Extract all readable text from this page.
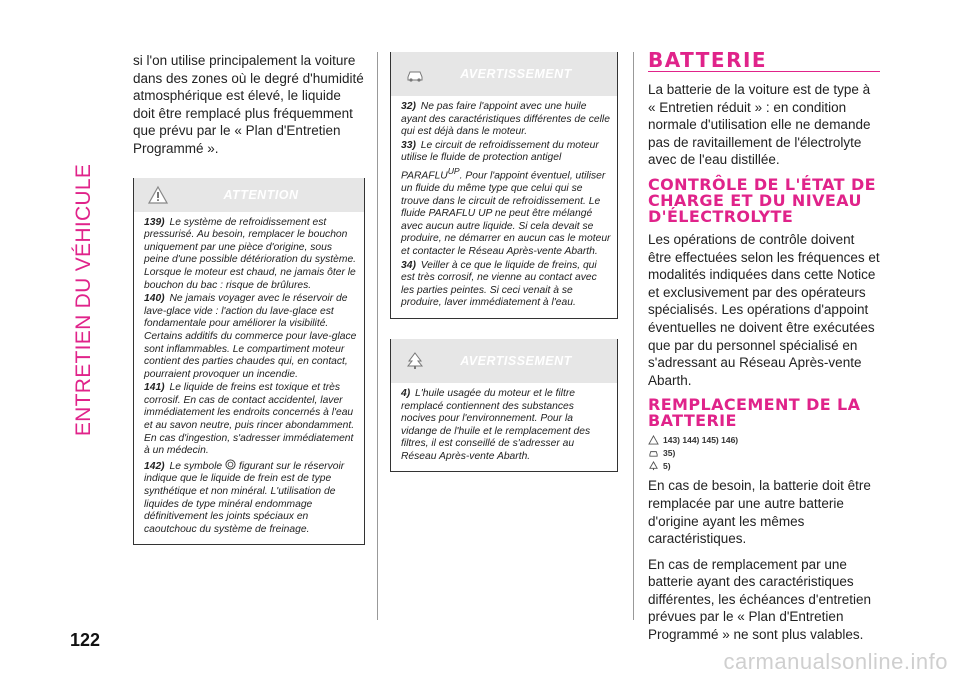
ENTRETIEN DU VÉHICULE
122

si l'on utilise principalement la voiture dans des zones où le degré d'humidité atmosphérique est élevé, le liquide doit être remplacé plus fréquemment que prévu par le « Plan d'Entretien Programmé ».

ATTENTION
139) Le système de refroidissement est pressurisé. Au besoin, remplacer le bouchon uniquement par une pièce d'origine, sous peine d'une possible détérioration du système. Lorsque le moteur est chaud, ne jamais ôter le bouchon du bac : risque de brûlures.
140) Ne jamais voyager avec le réservoir de lave-glace vide : l'action du lave-glace est fondamentale pour améliorer la visibilité. Certains additifs du commerce pour lave-glace sont inflammables. Le compartiment moteur contient des parties chaudes qui, en contact, pourraient provoquer un incendie.
141) Le liquide de freins est toxique et très corrosif. En cas de contact accidentel, laver immédiatement les endroits concernés à l'eau et au savon neutre, puis rincer abondamment. En cas d'ingestion, s'adresser immédiatement à un médecin.
142) Le symbole figurant sur le réservoir indique que le liquide de frein est de type synthétique et non minéral. L'utilisation de liquides de type minéral endommage définitivement les joints spéciaux en caoutchouc du système de freinage.
AVERTISSEMENT
32) Ne pas faire l'appoint avec une huile ayant des caractéristiques différentes de celle qui est déjà dans le moteur.
33) Le circuit de refroidissement du moteur utilise le fluide de protection antigel $PARAFLU^{UP}$. Pour l'appoint éventuel, utiliser un fluide du même type que celui qui se trouve dans le circuit de refroidissement. Le fluide PARAFLU UP ne peut être mélangé avec aucun autre liquide. Si cela devait se produire, ne démarrer en aucun cas le moteur et contacter le Réseau Après-vente Abarth.
34) Veiller à ce que le liquide de freins, qui est très corrosif, ne vienne au contact avec les parties peintes. Si ceci venait à se produire, laver immédiatement à l'eau.
AVERTISSEMENT
4) L'huile usagée du moteur et le filtre remplacé contiennent des substances nocives pour l'environnement. Pour la vidange de l'huile et le remplacement des filtres, il est conseillé de s'adresser au Réseau Après-vente Abarth.
BATTERIE

La batterie de la voiture est de type à « Entretien réduit » : en condition normale d'utilisation elle ne demande pas de ravitaillement de l'électrolyte avec de l'eau distillée.

CONTRÔLE DE L'ÉTAT DE CHARGE ET DU NIVEAU D'ÉLECTROLYTE

Les opérations de contrôle doivent être effectuées selon les fréquences et modalités indiquées dans cette Notice et exclusivement par des opérateurs spécialisés. Les opérations d'appoint éventuelles ne doivent être exécutées que par du personnel spécialisé en s'adressant au Réseau Après-vente Abarth.

REMPLACEMENT DE LA BATTERIE
143) 144) 145) 146)
35)
5)

En cas de besoin, la batterie doit être remplacée par une autre batterie d'origine ayant les mêmes caractéristiques.

En cas de remplacement par une batterie ayant des caractéristiques différentes, les échéances d'entretien prévues par le « Plan d'Entretien Programmé » ne sont plus valables.

carmanualsonline.info
